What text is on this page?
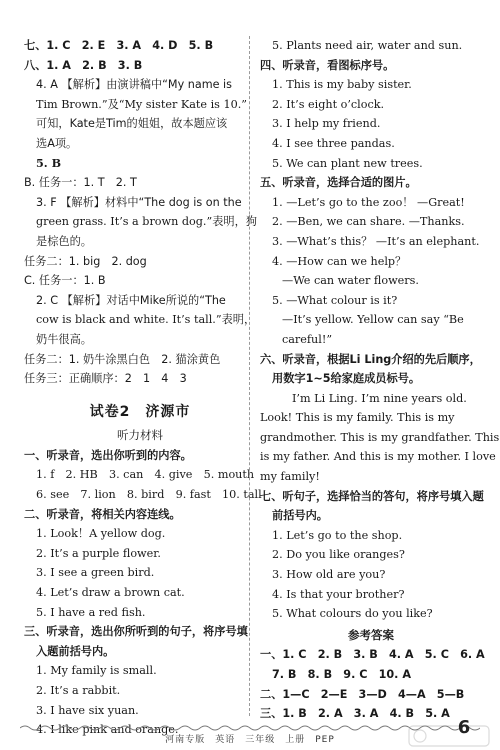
七、1. C　2. E　3. A　4. D　5. B
八、1. A　2. B　3. B
4. A 【解析】由演讲稿中“My name is
Tim Brown.”及“My sister Kate is 10.”
可知，Kate是Tim的姐姐，故本题应该
选A项。
5. B
B. 任务一：1. T　2. T
3. F 【解析】材料中“The dog is on the
green grass. It’s a brown dog.”表明，狗
是棕色的。
任务二：1. big　2. dog
C. 任务一：1. B
2. C 【解析】对话中Mike所说的“The
cow is black and white. It’s tall.”表明，
奶牛很高。
任务二：1. 奶牛涂黑白色　2. 猫涂黄色
任务三：正确顺序：2　1　4　3
试卷2　济源市
听力材料
一、听录音，选出你听到的内容。
1. f　2. HB　3. can　4. give　5. mouth
6. see　7. lion　8. bird　9. fast　10. tall
二、听录音，将相关内容连线。
1. Look！A yellow dog.
2. It’s a purple flower.
3. I see a green bird.
4. Let’s draw a brown cat.
5. I have a red fish.
三、听录音，选出你所听到的句子，将序号填
入题前括号内。
1. My family is small.
2. It’s a rabbit.
3. I have six yuan.
4. I like pink and orange.
5. Plants need air, water and sun.
四、听录音，看图标序号。
1. This is my baby sister.
2. It’s eight o’clock.
3. I help my friend.
4. I see three pandas.
5. We can plant new trees.
五、听录音，选择合适的图片。
1. —Let’s go to the zoo！ —Great!
2. —Ben, we can share. —Thanks.
3. —What’s this？ —It’s an elephant.
4. —How can we help？
—We can water flowers.
5. —What colour is it?
—It’s yellow. Yellow can say “Be
careful!”
六、听录音，根据Li Ling介绍的先后顺序，
用数字1~5给家庭成员标号。
I’m Li Ling. I’m nine years old.
Look! This is my family. This is my
grandmother. This is my grandfather. This
is my father. And this is my mother. I love
my family!
七、听句子，选择恰当的答句，将序号填入题
前括号内。
1. Let’s go to the shop.
2. Do you like oranges?
3. How old are you?
4. Is that your brother?
5. What colours do you like?
参考答案
一、1. C　2. B　3. B　4. A　5. C　6. A
7. B　8. B　9. C　10. A
二、1—C　2—E　3—D　4—A　5—B
三、1. B　2. A　3. A　4. B　5. A
河南专版　英语　三年级　上册　PEP
6
